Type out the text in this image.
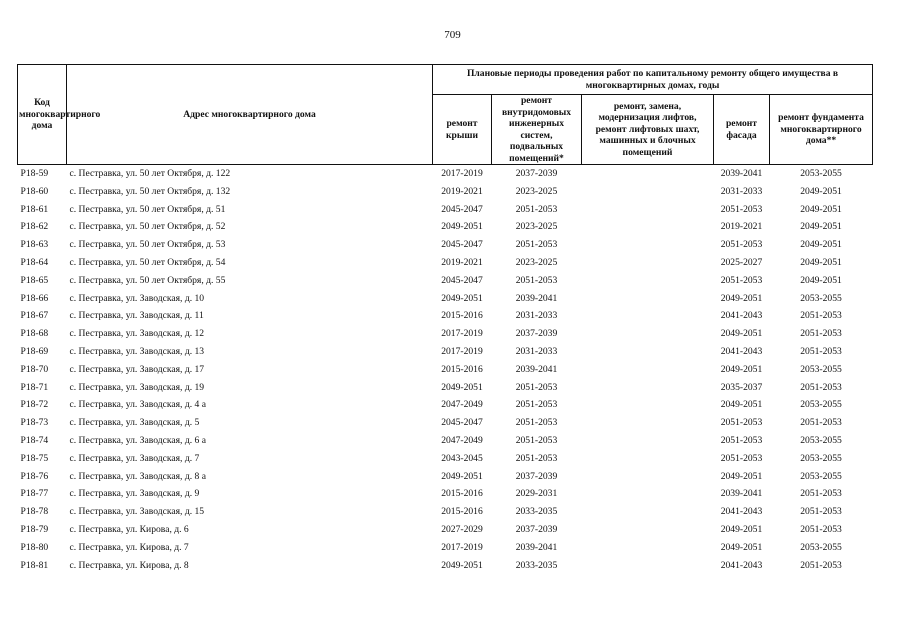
709
Код многоквартирного дома	Адрес многоквартирного дома	Плановые периоды проведения работ по капитальному ремонту общего имущества в многоквартирных домах, годы				
		ремонт крыши	ремонт внутридомовых инженерных систем, подвальных помещений*	ремонт, замена, модернизация лифтов, ремонт лифтовых шахт, машинных и блочных помещений	ремонт фасада	ремонт фундамента многоквартирного дома**
P18-59	с. Пестравка, ул. 50 лет Октября, д. 122	2017-2019	2037-2039		2039-2041	2053-2055
P18-60	с. Пестравка, ул. 50 лет Октября, д. 132	2019-2021	2023-2025		2031-2033	2049-2051
P18-61	с. Пестравка, ул. 50 лет Октября, д. 51	2045-2047	2051-2053		2051-2053	2049-2051
P18-62	с. Пестравка, ул. 50 лет Октября, д. 52	2049-2051	2023-2025		2019-2021	2049-2051
P18-63	с. Пестравка, ул. 50 лет Октября, д. 53	2045-2047	2051-2053		2051-2053	2049-2051
P18-64	с. Пестравка, ул. 50 лет Октября, д. 54	2019-2021	2023-2025		2025-2027	2049-2051
P18-65	с. Пестравка, ул. 50 лет Октября, д. 55	2045-2047	2051-2053		2051-2053	2049-2051
P18-66	с. Пестравка, ул. Заводская, д. 10	2049-2051	2039-2041		2049-2051	2053-2055
P18-67	с. Пестравка, ул. Заводская, д. 11	2015-2016	2031-2033		2041-2043	2051-2053
P18-68	с. Пестравка, ул. Заводская, д. 12	2017-2019	2037-2039		2049-2051	2051-2053
P18-69	с. Пестравка, ул. Заводская, д. 13	2017-2019	2031-2033		2041-2043	2051-2053
P18-70	с. Пестравка, ул. Заводская, д. 17	2015-2016	2039-2041		2049-2051	2053-2055
P18-71	с. Пестравка, ул. Заводская, д. 19	2049-2051	2051-2053		2035-2037	2051-2053
P18-72	с. Пестравка, ул. Заводская, д. 4 а	2047-2049	2051-2053		2049-2051	2053-2055
P18-73	с. Пестравка, ул. Заводская, д. 5	2045-2047	2051-2053		2051-2053	2051-2053
P18-74	с. Пестравка, ул. Заводская, д. 6 а	2047-2049	2051-2053		2051-2053	2053-2055
P18-75	с. Пестравка, ул. Заводская, д. 7	2043-2045	2051-2053		2051-2053	2053-2055
P18-76	с. Пестравка, ул. Заводская, д. 8 а	2049-2051	2037-2039		2049-2051	2053-2055
P18-77	с. Пестравка, ул. Заводская, д. 9	2015-2016	2029-2031		2039-2041	2051-2053
P18-78	с. Пестравка, ул. Заводская, д. 15	2015-2016	2033-2035		2041-2043	2051-2053
P18-79	с. Пестравка, ул. Кирова, д. 6	2027-2029	2037-2039		2049-2051	2051-2053
P18-80	с. Пестравка, ул. Кирова, д. 7	2017-2019	2039-2041		2049-2051	2053-2055
P18-81	с. Пестравка, ул. Кирова, д. 8	2049-2051	2033-2035		2041-2043	2051-2053
